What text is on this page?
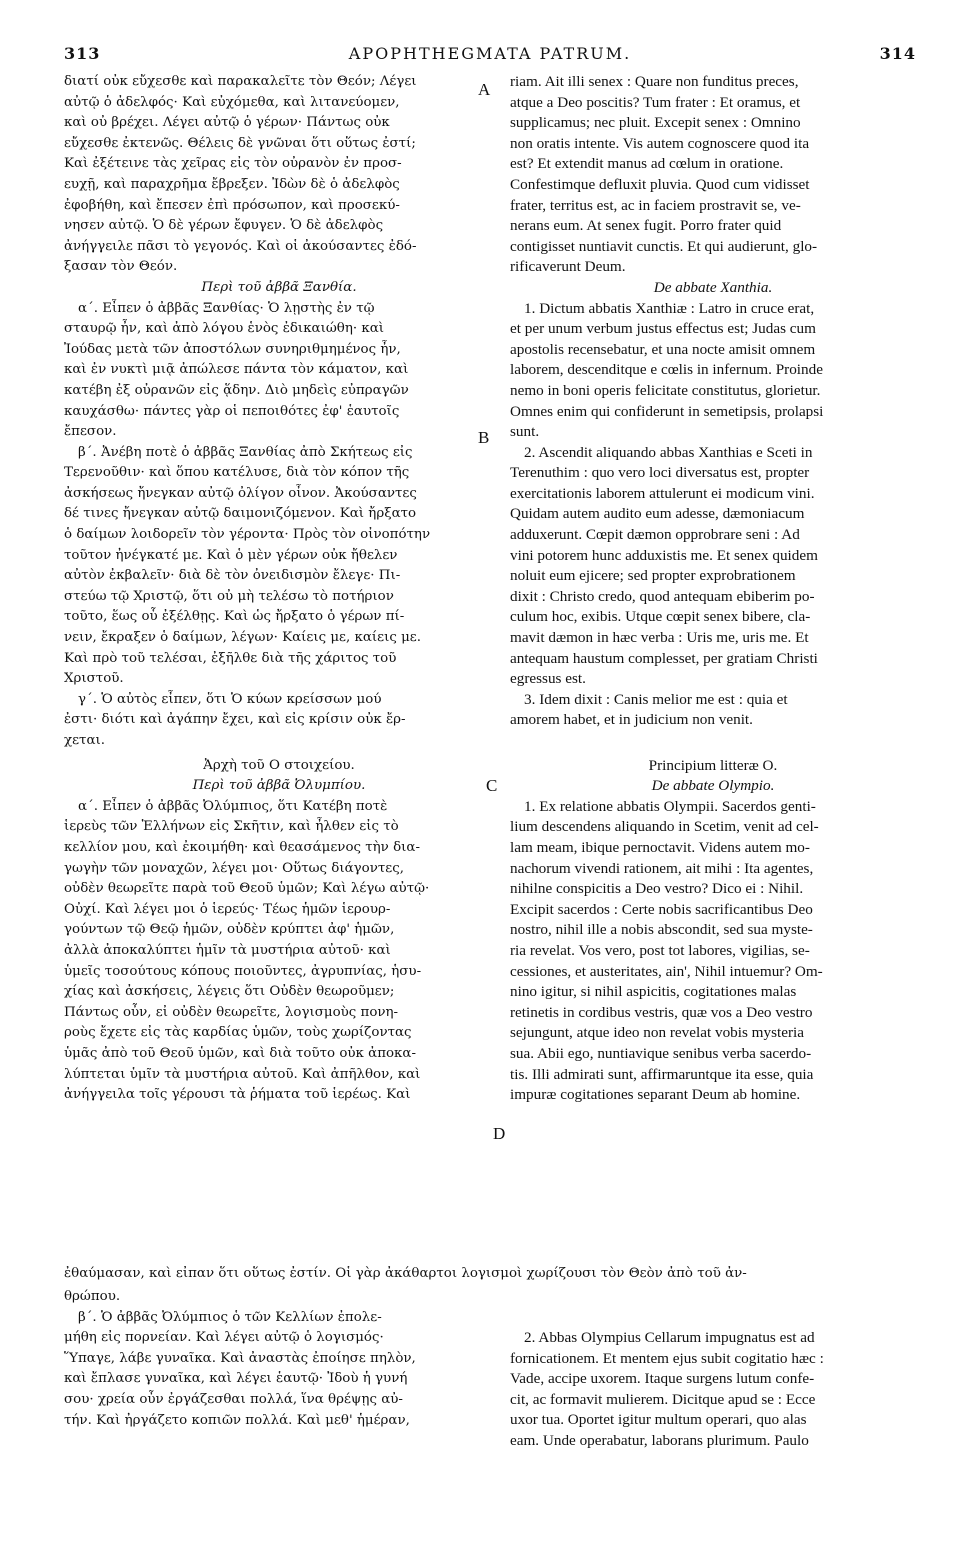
313	APOPHTHEGMATA PATRUM.	314
A
B
C
D
διατί οὐκ εὔχεσθε καὶ παρακαλεῖτε τὸν Θεόν; Λέγει
αὐτῷ ὁ ἀδελφός· Καὶ εὐχόμεθα, καὶ λιτανεύομεν,
καὶ οὐ βρέχει. Λέγει αὐτῷ ὁ γέρων· Πάντως οὐκ
εὔχεσθε ἐκτενῶς. Θέλεις δὲ γνῶναι ὅτι οὕτως ἐστί;
Καὶ ἐξέτεινε τὰς χεῖρας εἰς τὸν οὐρανὸν ἐν προσ-
ευχῇ, καὶ παραχρῆμα ἔβρεξεν. Ἰδὼν δὲ ὁ ἀδελφὸς
ἐφοβήθη, καὶ ἔπεσεν ἐπὶ πρόσωπον, καὶ προσεκύ-
νησεν αὐτῷ. Ὁ δὲ γέρων ἔφυγεν. Ὁ δὲ ἀδελφὸς
ἀνήγγειλε πᾶσι τὸ γεγονός. Καὶ οἱ ἀκούσαντες ἐδό-
ξασαν τὸν Θεόν.
Περὶ τοῦ ἀββᾶ Ξανθία.
α΄. Εἶπεν ὁ ἀββᾶς Ξανθίας· Ὁ λῃστὴς ἐν τῷ
σταυρῷ ἦν, καὶ ἀπὸ λόγου ἑνὸς ἐδικαιώθη· καὶ
Ἰούδας μετὰ τῶν ἀποστόλων συνηριθμημένος ἦν,
καὶ ἐν νυκτὶ μιᾷ ἀπώλεσε πάντα τὸν κάματον, καὶ
κατέβη ἐξ οὐρανῶν εἰς ᾅδην. Διὸ μηδεὶς εὐπραγῶν
καυχάσθω· πάντες γὰρ οἱ πεποιθότες ἐφ' ἑαυτοῖς
ἔπεσον.
β΄. Ἀνέβη ποτὲ ὁ ἀββᾶς Ξανθίας ἀπὸ Σκήτεως εἰς
Τερενοῦθιν· καὶ ὅπου κατέλυσε, διὰ τὸν κόπον τῆς
ἀσκήσεως ἤνεγκαν αὐτῷ ὀλίγον οἶνον. Ἀκούσαντες
δέ τινες ἤνεγκαν αὐτῷ δαιμονιζόμενον. Καὶ ἤρξατο
ὁ δαίμων λοιδορεῖν τὸν γέροντα· Πρὸς τὸν οἰνοπότην
τοῦτον ἠνέγκατέ με. Καὶ ὁ μὲν γέρων οὐκ ἤθελεν
αὐτὸν ἐκβαλεῖν· διὰ δὲ τὸν ὀνειδισμὸν ἔλεγε· Πι-
στεύω τῷ Χριστῷ, ὅτι οὐ μὴ τελέσω τὸ ποτήριον
τοῦτο, ἕως οὗ ἐξέλθῃς. Καὶ ὡς ἤρξατο ὁ γέρων πί-
νειν, ἔκραξεν ὁ δαίμων, λέγων· Καίεις με, καίεις με.
Καὶ πρὸ τοῦ τελέσαι, ἐξῆλθε διὰ τῆς χάριτος τοῦ
Χριστοῦ.
γ΄. Ὁ αὐτὸς εἶπεν, ὅτι Ὁ κύων κρείσσων μού
ἐστι· διότι καὶ ἀγάπην ἔχει, καὶ εἰς κρίσιν οὐκ ἔρ-
χεται.
Ἀρχὴ τοῦ Ο στοιχείου.
Περὶ τοῦ ἀββᾶ Ὀλυμπίου.
α΄. Εἶπεν ὁ ἀββᾶς Ὀλύμπιος, ὅτι Κατέβη ποτὲ
ἱερεὺς τῶν Ἑλλήνων εἰς Σκῆτιν, καὶ ἦλθεν εἰς τὸ
κελλίον μου, καὶ ἐκοιμήθη· καὶ θεασάμενος τὴν δια-
γωγὴν τῶν μοναχῶν, λέγει μοι· Οὕτως διάγοντες,
οὐδὲν θεωρεῖτε παρὰ τοῦ Θεοῦ ὑμῶν; Καὶ λέγω αὐτῷ·
Οὐχί. Καὶ λέγει μοι ὁ ἱερεύς· Τέως ἡμῶν ἱερουρ-
γούντων τῷ Θεῷ ἡμῶν, οὐδὲν κρύπτει ἀφ' ἡμῶν,
ἀλλὰ ἀποκαλύπτει ἡμῖν τὰ μυστήρια αὐτοῦ· καὶ
ὑμεῖς τοσούτους κόπους ποιοῦντες, ἀγρυπνίας, ἡσυ-
χίας καὶ ἀσκήσεις, λέγεις ὅτι Οὐδὲν θεωροῦμεν;
Πάντως οὖν, εἰ οὐδὲν θεωρεῖτε, λογισμοὺς πονη-
ροὺς ἔχετε εἰς τὰς καρδίας ὑμῶν, τοὺς χωρίζοντας
ὑμᾶς ἀπὸ τοῦ Θεοῦ ὑμῶν, καὶ διὰ τοῦτο οὐκ ἀποκα-
λύπτεται ὑμῖν τὰ μυστήρια αὐτοῦ. Καὶ ἀπῆλθον, καὶ
ἀνήγγειλα τοῖς γέρουσι τὰ ῥήματα τοῦ ἱερέως. Καὶ
ἐθαύμασαν, καὶ εἶπαν ὅτι οὕτως ἐστίν. Οἱ γὰρ ἀκάθαρτοι λογισμοὶ χωρίζουσι τὸν Θεὸν ἀπὸ τοῦ ἀν-
θρώπου.
β΄. Ὁ ἀββᾶς Ὀλύμπιος ὁ τῶν Κελλίων ἐπολε-
μήθη εἰς πορνείαν. Καὶ λέγει αὐτῷ ὁ λογισμός·
Ὕπαγε, λάβε γυναῖκα. Καὶ ἀναστὰς ἐποίησε πηλὸν,
καὶ ἔπλασε γυναῖκα, καὶ λέγει ἑαυτῷ· Ἰδοὺ ἡ γυνή
σου· χρεία οὖν ἐργάζεσθαι πολλά, ἵνα θρέψῃς αὐ-
τήν. Καὶ ἠργάζετο κοπιῶν πολλά. Καὶ μεθ' ἡμέραν,
riam. Ait illi senex : Quare non funditus preces,
atque a Deo poscitis? Tum frater : Et oramus, et
supplicamus; nec pluit. Excepit senex : Omnino
non oratis intente. Vis autem cognoscere quod ita
est? Et extendit manus ad cœlum in oratione.
Confestimque defluxit pluvia. Quod cum vidisset
frater, territus est, ac in faciem prostravit se, ve-
nerans eum. At senex fugit. Porro frater quid
contigisset nuntiavit cunctis. Et qui audierunt, glo-
rificaverunt Deum.
De abbate Xanthia.
1. Dictum abbatis Xanthiæ : Latro in cruce erat,
et per unum verbum justus effectus est; Judas cum
apostolis recensebatur, et una nocte amisit omnem
laborem, descenditque e cœlis in infernum. Proinde
nemo in boni operis felicitate constitutus, glorietur.
Omnes enim qui confiderunt in semetipsis, prolapsi
sunt.
2. Ascendit aliquando abbas Xanthias e Sceti in
Terenuthim : quo vero loci diversatus est, propter
exercitationis laborem attulerunt ei modicum vini.
Quidam autem audito eum adesse, dæmoniacum
adduxerunt. Cœpit dæmon opprobrare seni : Ad
vini potorem hunc adduxistis me. Et senex quidem
noluit eum ejicere; sed propter exprobrationem
dixit : Christo credo, quod antequam ebiberim po-
culum hoc, exibis. Utque cœpit senex bibere, cla-
mavit dæmon in hæc verba : Uris me, uris me. Et
antequam haustum complesset, per gratiam Christi
egressus est.
3. Idem dixit : Canis melior me est : quia et
amorem habet, et in judicium non venit.
Principium litteræ O.
De abbate Olympio.
1. Ex relatione abbatis Olympii. Sacerdos genti-
lium descendens aliquando in Scetim, venit ad cel-
lam meam, ibique pernoctavit. Videns autem mo-
nachorum vivendi rationem, ait mihi : Ita agentes,
nihilne conspicitis a Deo vestro? Dico ei : Nihil.
Excipit sacerdos : Certe nobis sacrificantibus Deo
nostro, nihil ille a nobis abscondit, sed sua myste-
ria revelat. Vos vero, post tot labores, vigilias, se-
cessiones, et austeritates, ain', Nihil intuemur? Om-
nino igitur, si nihil aspicitis, cogitationes malas
retinetis in cordibus vestris, quæ vos a Deo vestro
sejungunt, atque ideo non revelat vobis mysteria
sua. Abii ego, nuntiavique senibus verba sacerdo-
tis. Illi admirati sunt, affirmaruntque ita esse, quia
impuræ cogitationes separant Deum ab homine.
2. Abbas Olympius Cellarum impugnatus est ad
fornicationem. Et mentem ejus subit cogitatio hæc :
Vade, accipe uxorem. Itaque surgens lutum confe-
cit, ac formavit mulierem. Dicitque apud se : Ecce
uxor tua. Oportet igitur multum operari, quo alas
eam. Unde operabatur, laborans plurimum. Paulo
